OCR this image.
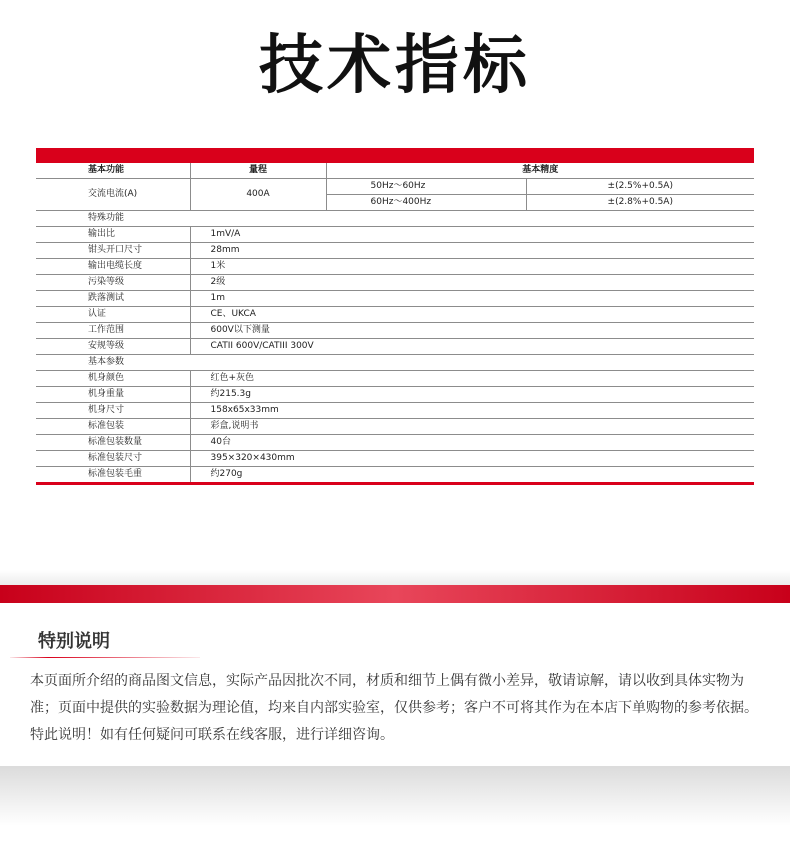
技术指标
基本功能	量程	基本精度	
交流电流(A)	400A	50Hz～60Hz	±(2.5%+0.5A)
		60Hz～400Hz	±(2.8%+0.5A)
特殊功能			
输出比	1mV/A		
钳头开口尺寸	28mm		
输出电缆长度	1米		
污染等级	2级		
跌落测试	1m		
认证	CE、UKCA		
工作范围	600V以下测量		
安规等级	CATII 600V/CATIII 300V		
基本参数			
机身颜色	红色+灰色		
机身重量	约215.3g		
机身尺寸	158x65x33mm		
标准包装	彩盒,说明书		
标准包装数量	40台		
标准包装尺寸	395×320×430mm		
标准包装毛重	约270g		
特别说明
本页面所介绍的商品图文信息，实际产品因批次不同，材质和细节上偶有微小差异，敬请谅解，请以收到具体实物为准；页面中提供的实验数据为理论值，均来自内部实验室，仅供参考；客户不可将其作为在本店下单购物的参考依据。特此说明！如有任何疑问可联系在线客服，进行详细咨询。
